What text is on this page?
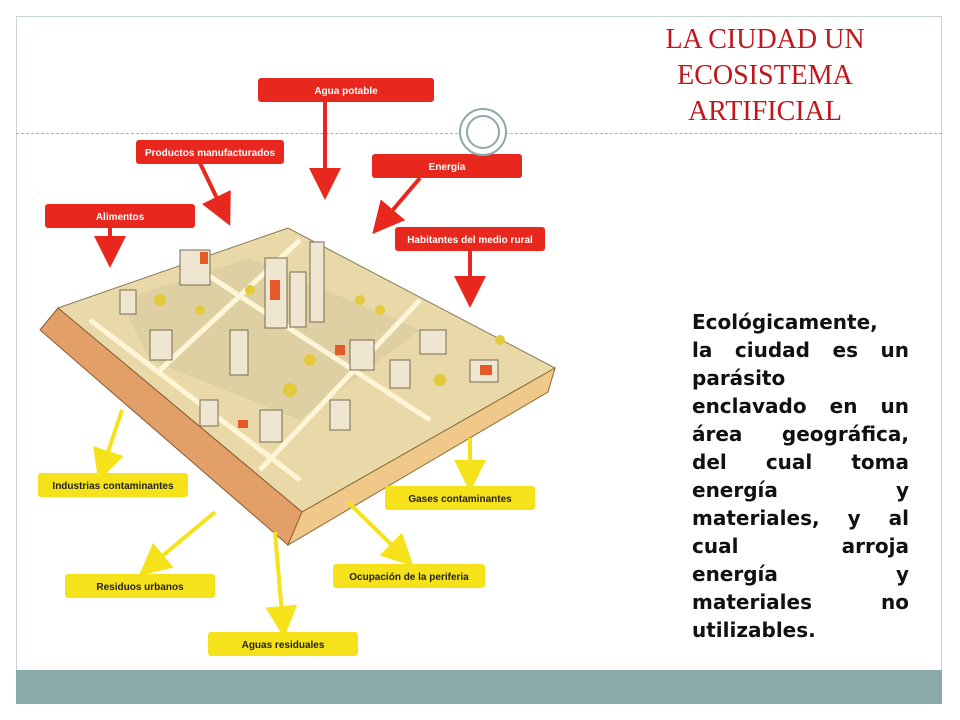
Agua potable
Productos manufacturados
Energía
Alimentos
Habitantes del medio rural
Industrias contaminantes
Gases contaminantes
Residuos urbanos
Ocupación de la periferia
Aguas residuales
LA CIUDAD UN
ECOSISTEMA
ARTIFICIAL
Ecológicamente,
la ciudad es un
parásito
enclavado en un
área geográfica,
del cual toma
energía y
materiales, y al
cual arroja
energía y
materiales no
utilizables.
